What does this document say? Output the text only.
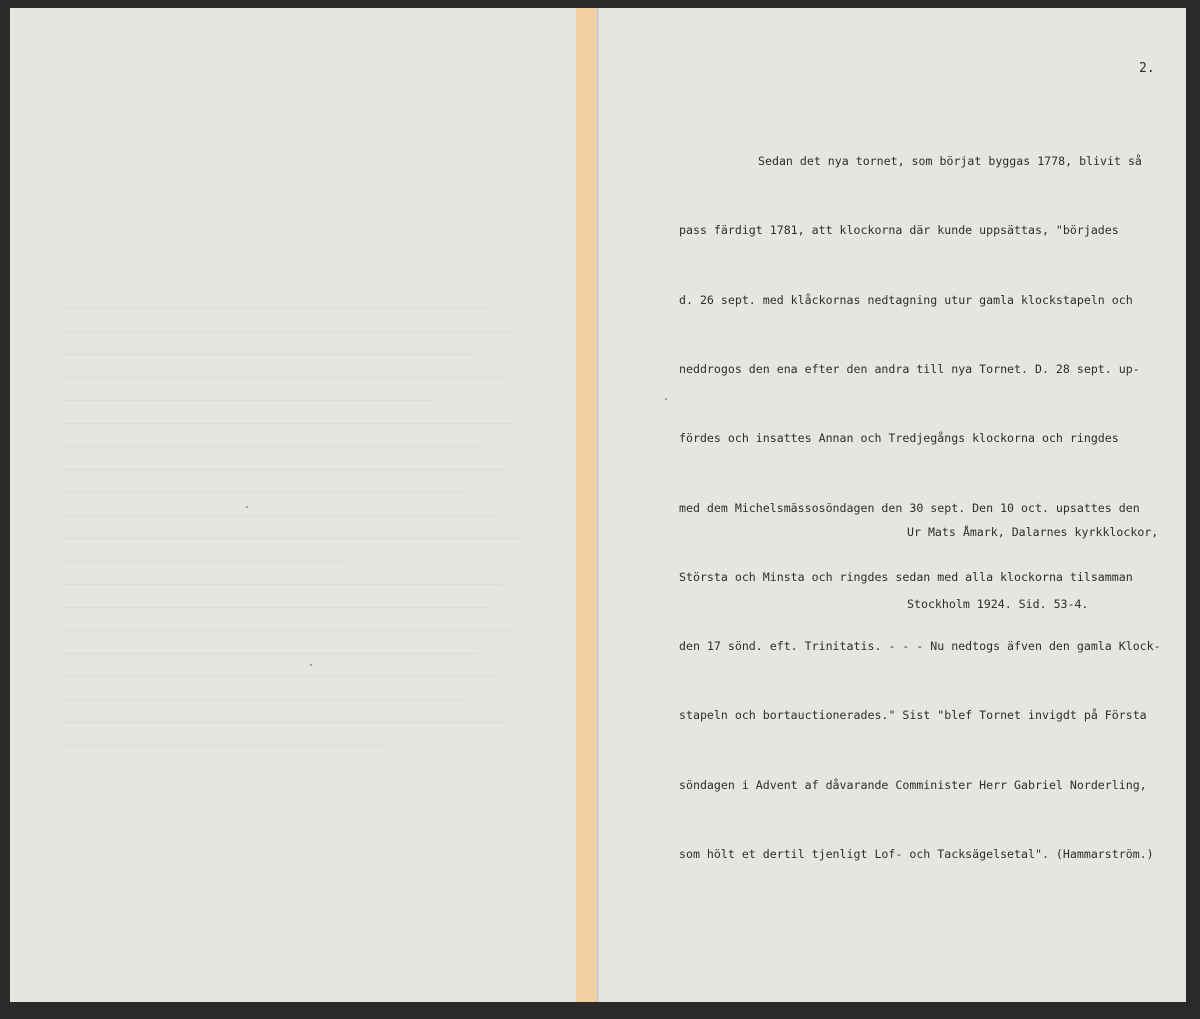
2.

Sedan det nya tornet, som börjat byggas 1778, blivit så

pass färdigt 1781, att klockorna där kunde uppsättas, "börjades

d. 26 sept. med klåckornas nedtagning utur gamla klockstapeln och

neddrogos den ena efter den andra till nya Tornet. D. 28 sept. up-

fördes och insattes Annan och Tredjegångs klockorna och ringdes

med dem Michelsmässosöndagen den 30 sept. Den 10 oct. upsattes den

Största och Minsta och ringdes sedan med alla klockorna tilsamman

den 17 sönd. eft. Trinitatis. - - - Nu nedtogs äfven den gamla Klock-

stapeln och bortauctionerades." Sist "blef Tornet invigdt på Första

söndagen i Advent af dåvarande Comminister Herr Gabriel Norderling,

som hölt et dertil tjenligt Lof- och Tacksägelsetal". (Hammarström.)

Ur Mats Åmark, Dalarnes kyrkklockor,

Stockholm 1924. Sid. 53-4.
